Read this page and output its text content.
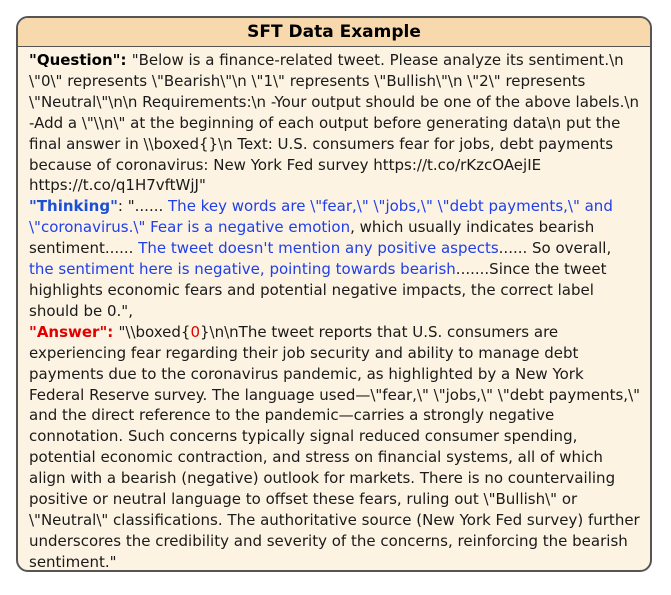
SFT Data Example

"Question": "Below is a finance-related tweet. Please analyze its sentiment.\n \"0\" represents \"Bearish\"\n \"1\" represents \"Bullish\"\n \"2\" represents \"Neutral\"\n\n Requirements:\n -Your output should be one of the above labels.\n -Add a \"\\n\" at the beginning of each output before generating data\n put the final answer in \\boxed{}\n Text: U.S. consumers fear for jobs, debt payments because of coronavirus: New York Fed survey https://t.co/rKzcOAejIE https://t.co/q1H7vftWjJ"

"Thinking": "...... The key words are \"fear,\" \"jobs,\" \"debt payments,\" and \"coronavirus.\" Fear is a negative emotion, which usually indicates bearish sentiment...... The tweet doesn't mention any positive aspects...... So overall, the sentiment here is negative, pointing towards bearish.......Since the tweet highlights economic fears and potential negative impacts, the correct label should be 0.",

"Answer": "\\boxed{0}\n\nThe tweet reports that U.S. consumers are experiencing fear regarding their job security and ability to manage debt payments due to the coronavirus pandemic, as highlighted by a New York Federal Reserve survey. The language used—\"fear,\" \"jobs,\" \"debt payments,\" and the direct reference to the pandemic—carries a strongly negative connotation. Such concerns typically signal reduced consumer spending, potential economic contraction, and stress on financial systems, all of which align with a bearish (negative) outlook for markets. There is no countervailing positive or neutral language to offset these fears, ruling out \"Bullish\" or \"Neutral\" classifications. The authoritative source (New York Fed survey) further underscores the credibility and severity of the concerns, reinforcing the bearish sentiment."
